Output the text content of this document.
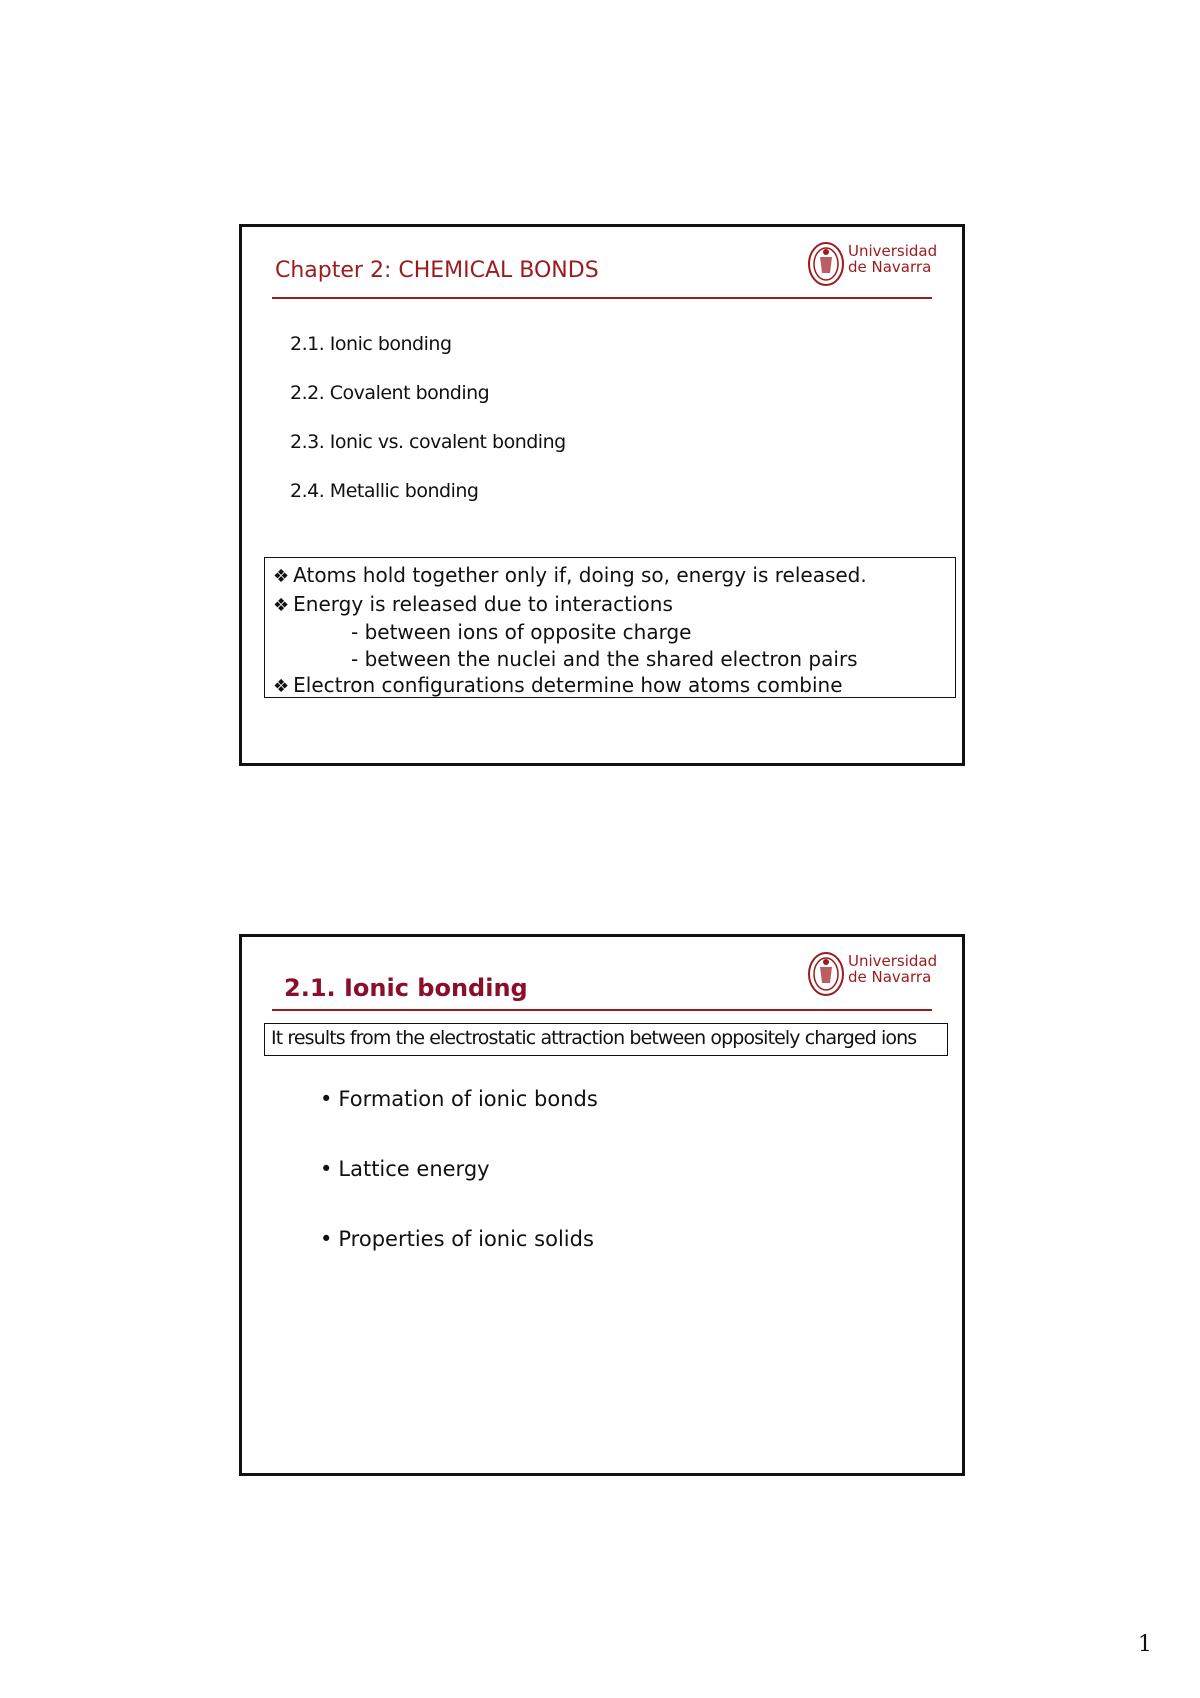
Chapter 2: CHEMICAL BONDS
Universidad
de Navarra
2.1. Ionic bonding
2.2. Covalent bonding
2.3. Ionic vs. covalent bonding
2.4. Metallic bonding
❖ Atoms hold together only if, doing so, energy is released.
❖ Energy is released due to interactions
- between ions of opposite charge
- between the nuclei and the shared electron pairs
❖ Electron configurations determine how atoms combine
2.1. Ionic bonding
Universidad
de Navarra
It results from the electrostatic attraction between oppositely charged ions
• Formation of ionic bonds
• Lattice energy
• Properties of ionic solids
1
